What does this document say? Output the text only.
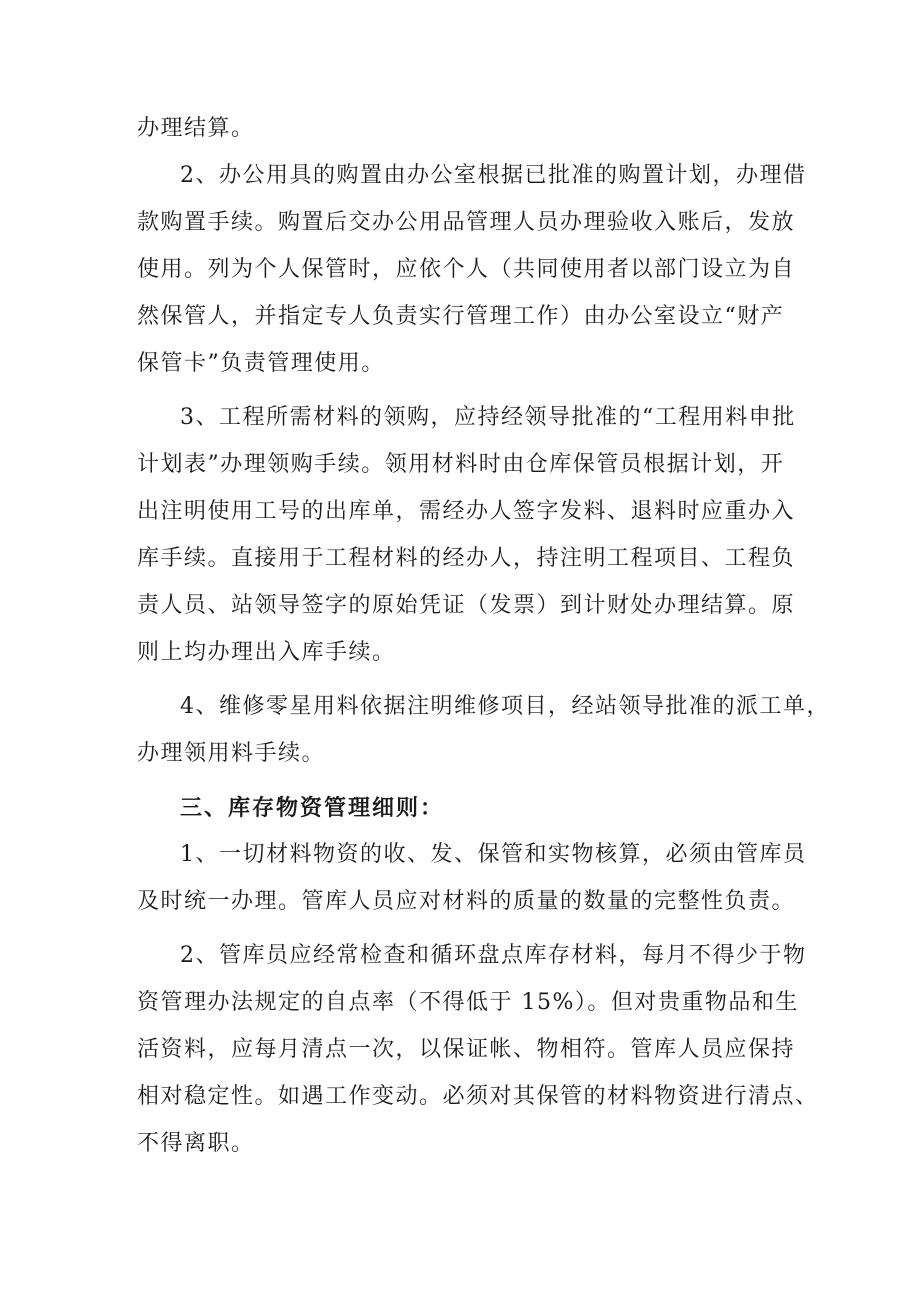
办理结算。
2、办公用具的购置由办公室根据已批准的购置计划，办理借
款购置手续。购置后交办公用品管理人员办理验收入账后，发放
使用。列为个人保管时，应依个人（共同使用者以部门设立为自
然保管人，并指定专人负责实行管理工作）由办公室设立“财产
保管卡”负责管理使用。
3、工程所需材料的领购，应持经领导批准的“工程用料申批
计划表”办理领购手续。领用材料时由仓库保管员根据计划，开
出注明使用工号的出库单，需经办人签字发料、退料时应重办入
库手续。直接用于工程材料的经办人，持注明工程项目、工程负
责人员、站领导签字的原始凭证（发票）到计财处办理结算。原
则上均办理出入库手续。
4、维修零星用料依据注明维修项目，经站领导批准的派工单，
办理领用料手续。
三、库存物资管理细则：
1、一切材料物资的收、发、保管和实物核算，必须由管库员
及时统一办理。管库人员应对材料的质量的数量的完整性负责。
2、管库员应经常检查和循环盘点库存材料，每月不得少于物
资管理办法规定的自点率（不得低于 15%）。但对贵重物品和生
活资料，应每月清点一次，以保证帐、物相符。管库人员应保持
相对稳定性。如遇工作变动。必须对其保管的材料物资进行清点、
不得离职。
